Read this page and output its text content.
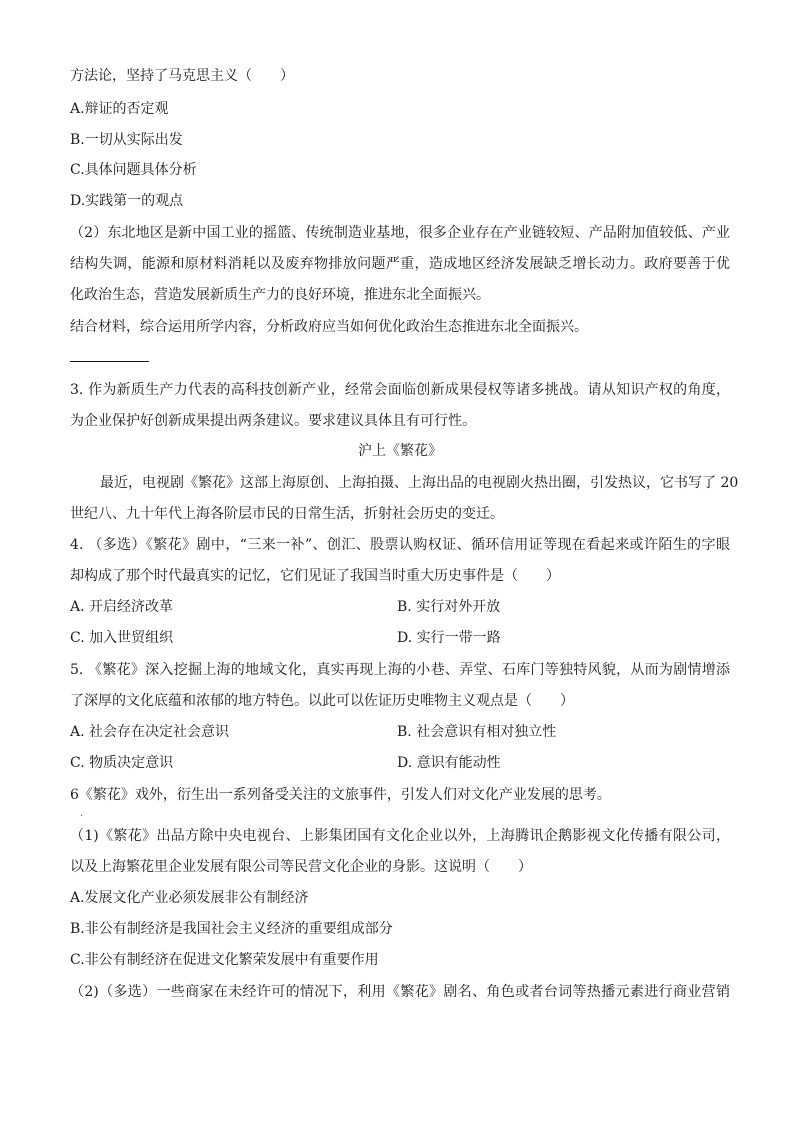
方法论，坚持了马克思主义（　　）
A.辩证的否定观
B.一切从实际出发
C.具体问题具体分析
D.实践第一的观点
（2）东北地区是新中国工业的摇篮、传统制造业基地，很多企业存在产业链较短、产品附加值较低、产业
结构失调，能源和原材料消耗以及废弃物排放问题严重，造成地区经济发展缺乏增长动力。政府要善于优
化政治生态，营造发展新质生产力的良好环境，推进东北全面振兴。
结合材料，综合运用所学内容，分析政府应当如何优化政治生态推进东北全面振兴。
3. 作为新质生产力代表的高科技创新产业，经常会面临创新成果侵权等诸多挑战。请从知识产权的角度，
为企业保护好创新成果提出两条建议。要求建议具体且有可行性。
沪上《繁花》
最近，电视剧《繁花》这部上海原创、上海拍摄、上海出品的电视剧火热出圈，引发热议，它书写了 20
世纪八、九十年代上海各阶层市民的日常生活，折射社会历史的变迁。
4. （多选）《繁花》剧中，“三来一补”、创汇、股票认购权证、循环信用证等现在看起来或许陌生的字眼
却构成了那个时代最真实的记忆，它们见证了我国当时重大历史事件是（　　）
A. 开启经济改革	B. 实行对外开放
C. 加入世贸组织	D. 实行一带一路
5. 《繁花》深入挖掘上海的地域文化，真实再现上海的小巷、弄堂、石库门等独特风貌，从而为剧情增添
了深厚的文化底蕴和浓郁的地方特色。以此可以佐证历史唯物主义观点是（　　）
A. 社会存在决定社会意识	B. 社会意识有相对独立性
C. 物质决定意识	D. 意识有能动性
6《繁花》戏外，衍生出一系列备受关注的文旅事件，引发人们对文化产业发展的思考。
·
（1)《繁花》出品方除中央电视台、上影集团国有文化企业以外，上海腾讯企鹅影视文化传播有限公司，
以及上海繁花里企业发展有限公司等民营文化企业的身影。这说明（　　）
A.发展文化产业必须发展非公有制经济
B.非公有制经济是我国社会主义经济的重要组成部分
C.非公有制经济在促进文化繁荣发展中有重要作用
（2)（多选）一些商家在未经许可的情况下，利用《繁花》剧名、角色或者台词等热播元素进行商业营销
